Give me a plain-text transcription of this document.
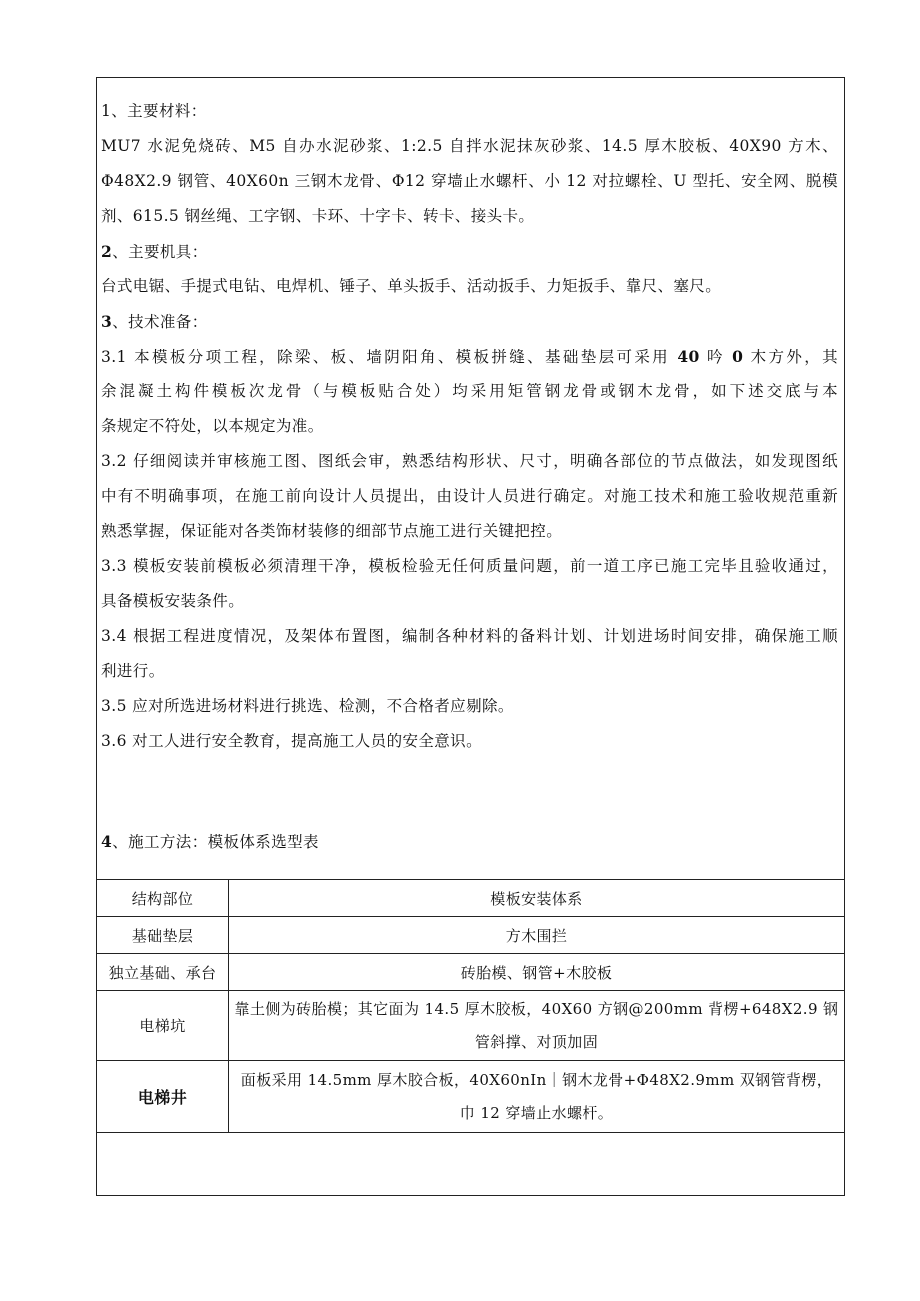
1、主要材料：
MU7 水泥免烧砖、M5 自办水泥砂浆、1:2.5 自拌水泥抹灰砂浆、14.5 厚木胶板、40X90 方木、
Φ48X2.9 钢管、40X60n 三钢木龙骨、Φ12 穿墙止水螺杆、小 12 对拉螺栓、U 型托、安全网、脱模
剂、615.5 钢丝绳、工字钢、卡环、十字卡、转卡、接头卡。
2、主要机具：
台式电锯、手提式电钻、电焊机、锤子、单头扳手、活动扳手、力矩扳手、靠尺、塞尺。
3、技术准备：
3.1 本模板分项工程，除梁、板、墙阴阳角、模板拼缝、基础垫层可采用 40 吟 0 木方外，其
余混凝土构件模板次龙骨（与模板贴合处）均采用矩管钢龙骨或钢木龙骨，如下述交底与本
条规定不符处，以本规定为准。
3.2 仔细阅读并审核施工图、图纸会审，熟悉结构形状、尺寸，明确各部位的节点做法，如发现图纸
中有不明确事项，在施工前向设计人员提出，由设计人员进行确定。对施工技术和施工验收规范重新
熟悉掌握，保证能对各类饰材装修的细部节点施工进行关键把控。
3.3 模板安装前模板必须清理干净，模板检验无任何质量问题，前一道工序已施工完毕且验收通过，
具备模板安装条件。
3.4 根据工程进度情况，及架体布置图，编制各种材料的备料计划、计划进场时间安排，确保施工顺
利进行。
3.5 应对所选进场材料进行挑选、检测，不合格者应剔除。
3.6 对工人进行安全教育，提高施工人员的安全意识。
4、施工方法：模板体系选型表
结构部位	模板安装体系
基础垫层	方木围拦
独立基础、承台	砖胎模、钢管+木胶板
电梯坑	靠土侧为砖胎模；其它面为 14.5 厚木胶板，40X60 方钢@200mm 背楞+648X2.9 钢
管斜撑、对顶加固

电梯井	面板采用 14.5mm 厚木胶合板，40X60nIn｜钢木龙骨+Φ48X2.9mm 双钢管背楞，
巾 12 穿墙止水螺杆。
